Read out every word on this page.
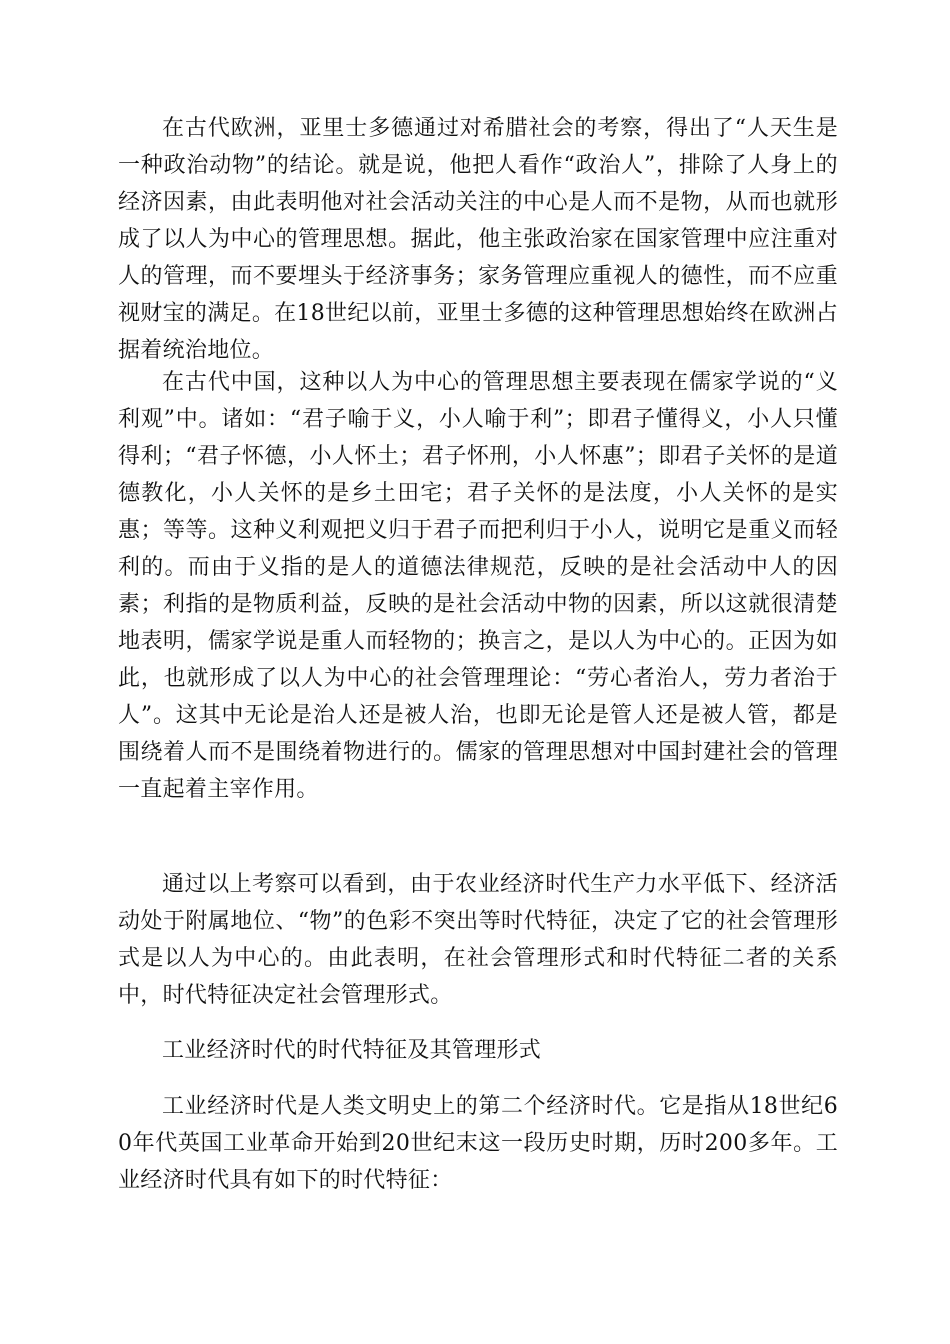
在古代欧洲，亚里士多德通过对希腊社会的考察，得出了“人天生是一种政治动物”的结论。就是说，他把人看作“政治人”，排除了人身上的经济因素，由此表明他对社会活动关注的中心是人而不是物，从而也就形成了以人为中心的管理思想。据此，他主张政治家在国家管理中应注重对人的管理，而不要埋头于经济事务；家务管理应重视人的德性，而不应重视财宝的满足。在18世纪以前，亚里士多德的这种管理思想始终在欧洲占据着统治地位。

在古代中国，这种以人为中心的管理思想主要表现在儒家学说的“义利观”中。诸如：“君子喻于义，小人喻于利”；即君子懂得义，小人只懂得利；“君子怀德，小人怀土；君子怀刑，小人怀惠”；即君子关怀的是道德教化，小人关怀的是乡土田宅；君子关怀的是法度，小人关怀的是实惠；等等。这种义利观把义归于君子而把利归于小人，说明它是重义而轻利的。而由于义指的是人的道德法律规范，反映的是社会活动中人的因素；利指的是物质利益，反映的是社会活动中物的因素，所以这就很清楚地表明，儒家学说是重人而轻物的；换言之，是以人为中心的。正因为如此，也就形成了以人为中心的社会管理理论：“劳心者治人，劳力者治于人”。这其中无论是治人还是被人治，也即无论是管人还是被人管，都是围绕着人而不是围绕着物进行的。儒家的管理思想对中国封建社会的管理一直起着主宰作用。

通过以上考察可以看到，由于农业经济时代生产力水平低下、经济活动处于附属地位、“物”的色彩不突出等时代特征，决定了它的社会管理形式是以人为中心的。由此表明，在社会管理形式和时代特征二者的关系中，时代特征决定社会管理形式。

工业经济时代的时代特征及其管理形式

工业经济时代是人类文明史上的第二个经济时代。它是指从18世纪60年代英国工业革命开始到20世纪末这一段历史时期，历时200多年。工业经济时代具有如下的时代特征：
